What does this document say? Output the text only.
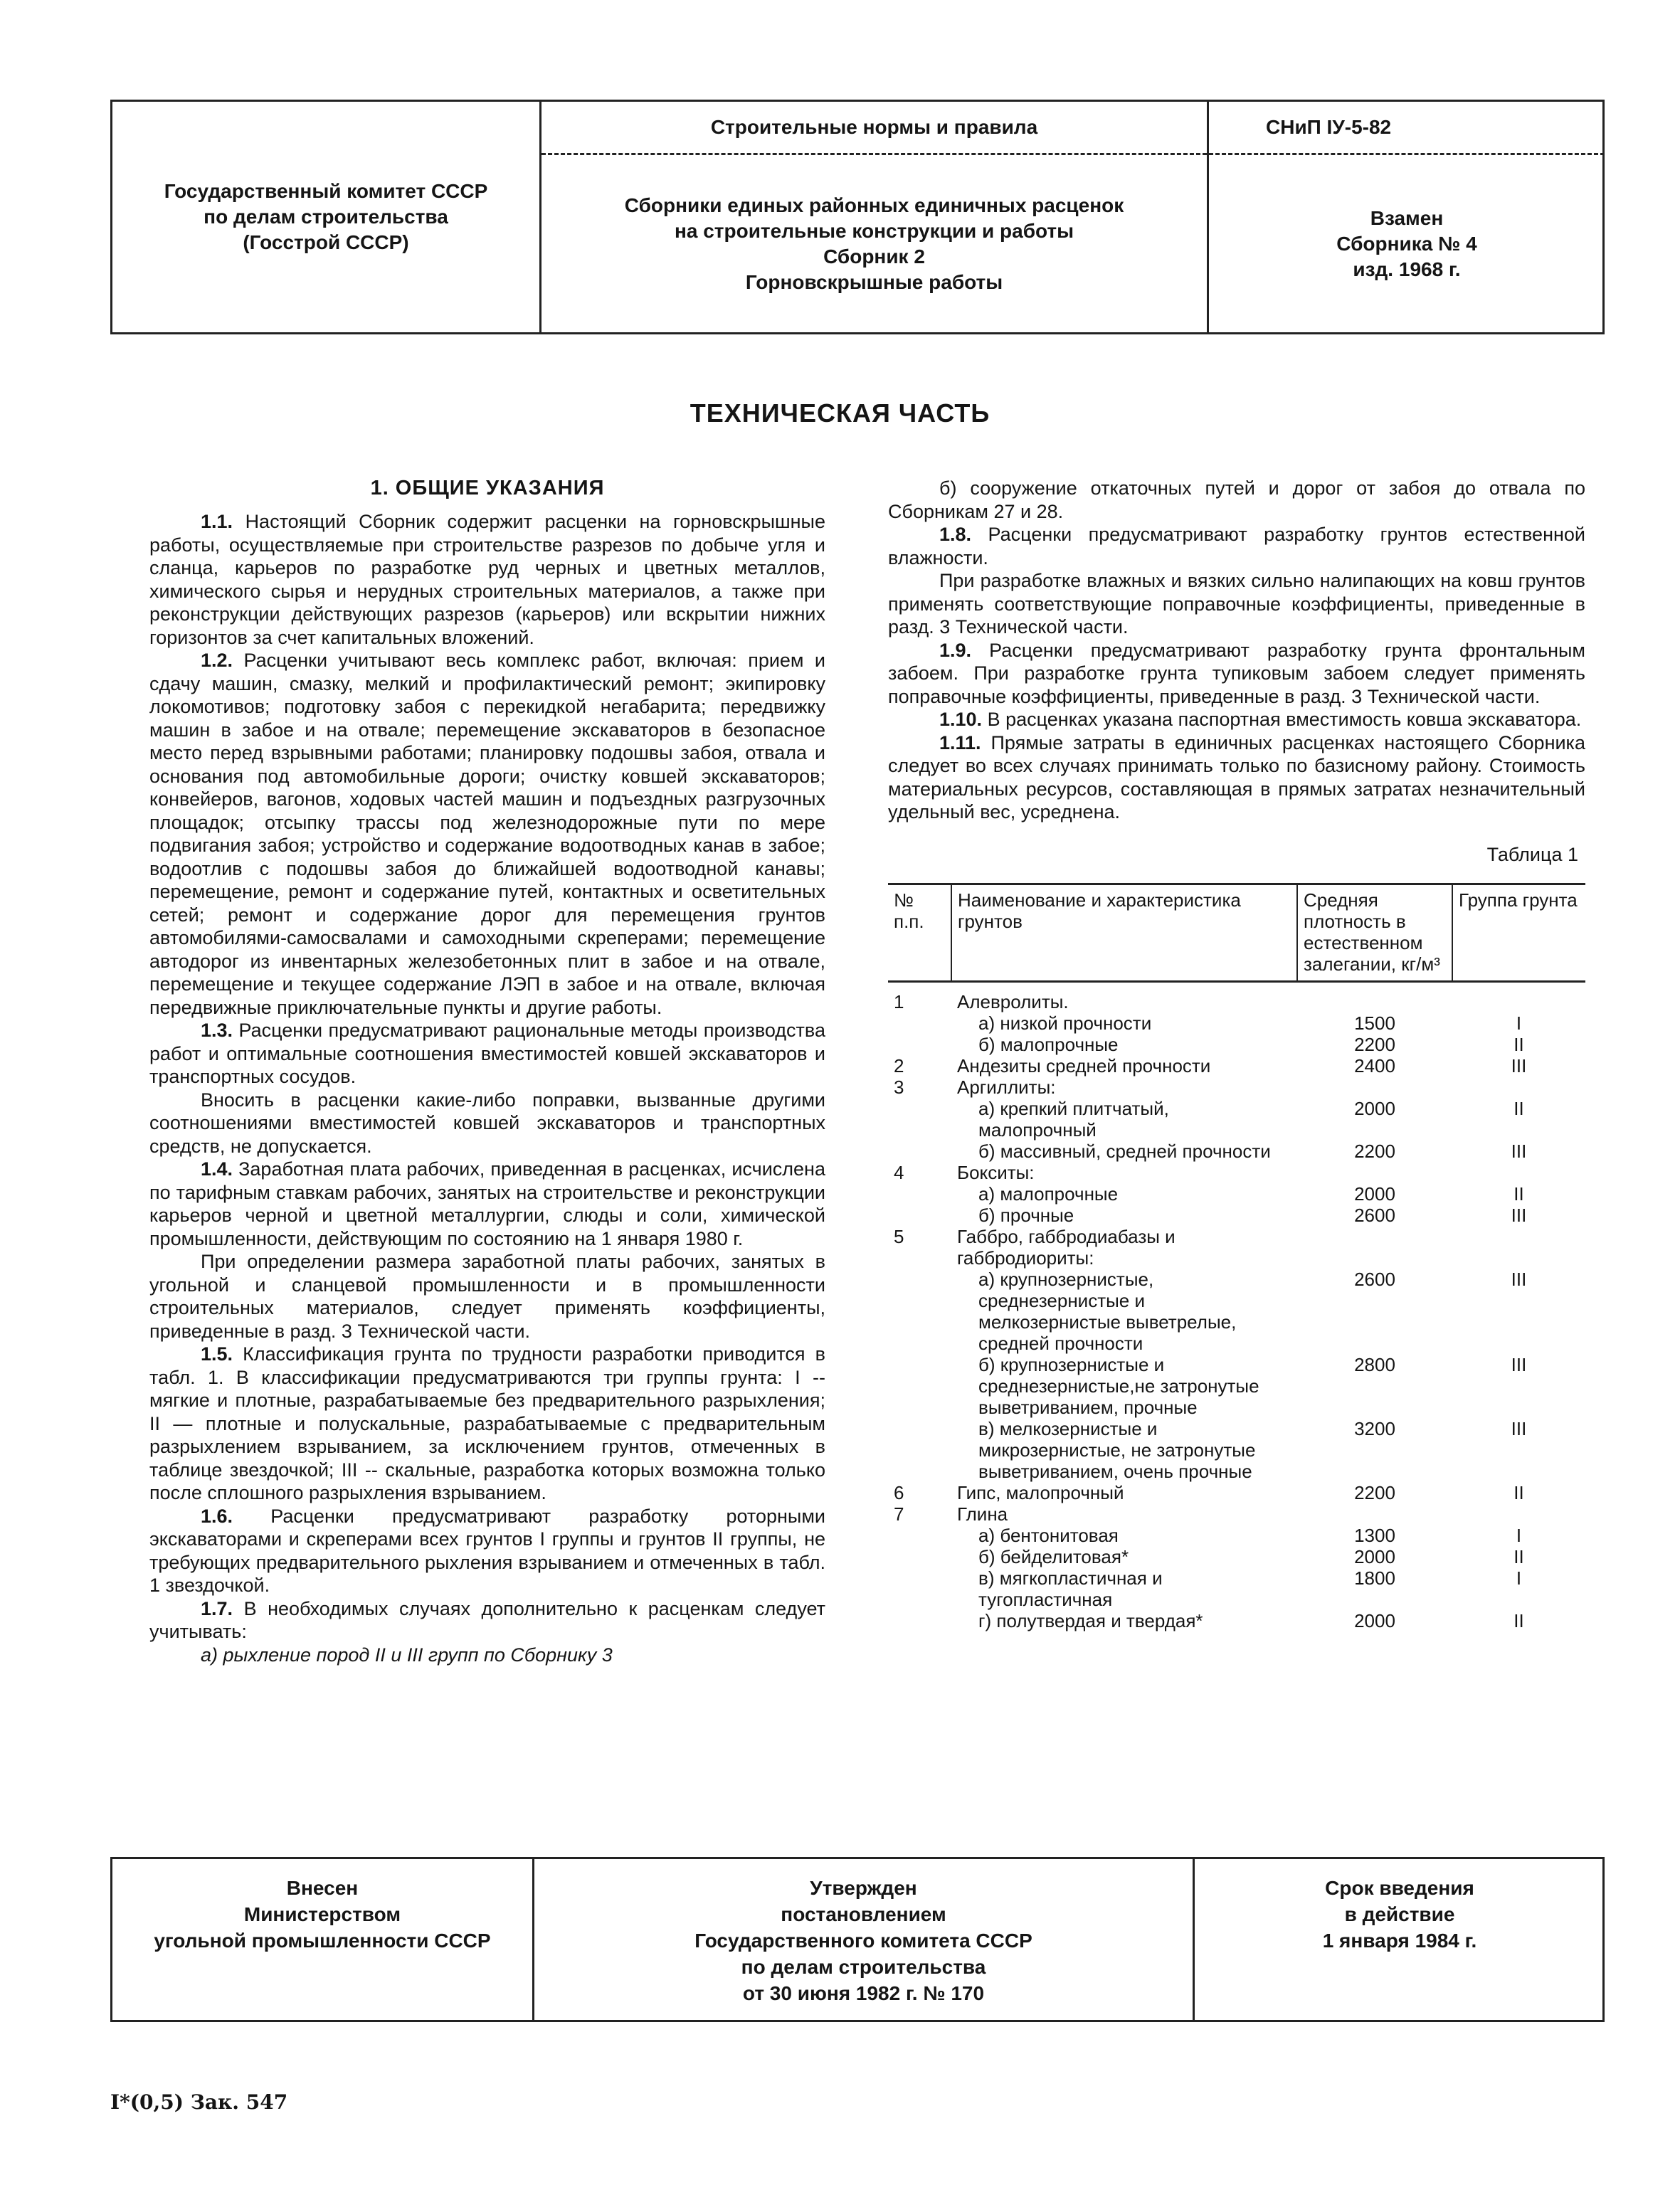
Государственный комитет СССР
по делам строительства
(Госстрой СССР)
Строительные нормы и правила
Сборники единых районных единичных расценок
на строительные конструкции и работы
Сборник 2
Горновскрышные работы
СНиП IУ-5-82
Взамен
Сборника № 4
изд. 1968 г.
ТЕХНИЧЕСКАЯ ЧАСТЬ
1. ОБЩИЕ УКАЗАНИЯ

1.1. Настоящий Сборник содержит расценки на горновскрышные работы, осуществляемые при строительстве разрезов по добыче угля и сланца, карьеров по разработке руд черных и цветных металлов, химического сырья и нерудных строительных материалов, а также при реконструкции действующих разрезов (карьеров) или вскрытии нижних горизонтов за счет капитальных вложений.

1.2. Расценки учитывают весь комплекс работ, включая: прием и сдачу машин, смазку, мелкий и профилактический ремонт; экипировку локомотивов; подготовку забоя с перекидкой негабарита; передвижку машин в забое и на отвале; перемещение экскаваторов в безопасное место перед взрывными работами; планировку подошвы забоя, отвала и основания под автомобильные дороги; очистку ковшей экскаваторов; конвейеров, вагонов, ходовых частей машин и подъездных разгрузочных площадок; отсыпку трассы под железнодорожные пути по мере подвигания забоя; устройство и содержание водоотводных канав в забое; водоотлив с подошвы забоя до ближайшей водоотводной канавы; перемещение, ремонт и содержание путей, контактных и осветительных сетей; ремонт и содержание дорог для перемещения грунтов автомобилями-самосвалами и самоходными скреперами; перемещение автодорог из инвентарных железобетонных плит в забое и на отвале, перемещение и текущее содержание ЛЭП в забое и на отвале, включая передвижные приключательные пункты и другие работы.

1.3. Расценки предусматривают рациональные методы производства работ и оптимальные соотношения вместимостей ковшей экскаваторов и транспортных сосудов.

Вносить в расценки какие-либо поправки, вызванные другими соотношениями вместимостей ковшей экскаваторов и транспортных средств, не допускается.

1.4. Заработная плата рабочих, приведенная в расценках, исчислена по тарифным ставкам рабочих, занятых на строительстве и реконструкции карьеров черной и цветной металлургии, слюды и соли, химической промышленности, действующим по состоянию на 1 января 1980 г.

При определении размера заработной платы рабочих, занятых в угольной и сланцевой промышленности и в промышленности строительных материалов, следует применять коэффициенты, приведенные в разд. 3 Технической части.

1.5. Классификация грунта по трудности разработки приводится в табл. 1. В классификации предусматриваются три группы грунта: I -- мягкие и плотные, разрабатываемые без предварительного разрыхления; II — плотные и полускальные, разрабатываемые с предварительным разрыхлением взрыванием, за исключением грунтов, отмеченных в таблице звездочкой; III -- скальные, разработка которых возможна только после сплошного разрыхления взрыванием.

1.6. Расценки предусматривают разработку роторными экскаваторами и скреперами всех грунтов I группы и грунтов II группы, не требующих предварительного рыхления взрыванием и отмеченных в табл. 1 звездочкой.

1.7. В необходимых случаях дополнительно к расценкам следует учитывать:

а) рыхление пород II и III групп по Сборнику 3

б) сооружение откаточных путей и дорог от забоя до отвала по Сборникам 27 и 28.

1.8. Расценки предусматривают разработку грунтов естественной влажности.

При разработке влажных и вязких сильно налипающих на ковш грунтов применять соответствующие поправочные коэффициенты, приведенные в разд. 3 Технической части.

1.9. Расценки предусматривают разработку грунта фронтальным забоем. При разработке грунта тупиковым забоем следует применять поправочные коэффициенты, приведенные в разд. 3 Технической части.

1.10. В расценках указана паспортная вместимость ковша экскаватора.

1.11. Прямые затраты в единичных расценках настоящего Сборника следует во всех случаях принимать только по базисному району. Стоимость материальных ресурсов, составляющая в прямых затратах незначительный удельный вес, усреднена.

Таблица 1
№ п.п.	Наименование и характеристика грунтов	Средняя плотность в естественном залегании, кг/м³	Группа грунта
1	Алевролиты.		
	а) низкой прочности	1500	I
	б) малопрочные	2200	II
2	Андезиты средней прочности	2400	III
3	Аргиллиты:		
	а) крепкий плитчатый, малопрочный	2000	II
	б) массивный, средней прочности	2200	III
4	Бокситы:		
	а) малопрочные	2000	II
	б) прочные	2600	III
5	Габбро, габбродиабазы и габбродиориты:		
	а) крупнозернистые, среднезернистые и мелкозернистые выветрелые, средней прочности	2600	III
	б) крупнозернистые и среднезернистые,не затронутые выветриванием, прочные	2800	III
	в) мелкозернистые и микрозернистые, не затронутые выветриванием, очень прочные	3200	III
6	Гипс, малопрочный	2200	II
7	Глина		
	а) бентонитовая	1300	I
	б) бейделитовая*	2000	II
	в) мягкопластичная и тугопластичная	1800	I
	г) полутвердая и твердая*	2000	II
Внесен
Министерством
угольной промышленности СССР
Утвержден
постановлением
Государственного комитета СССР
по делам строительства
от 30 июня 1982 г. № 170
Срок введения
в действие
1 января 1984 г.
I*(0,5) Зак. 547
